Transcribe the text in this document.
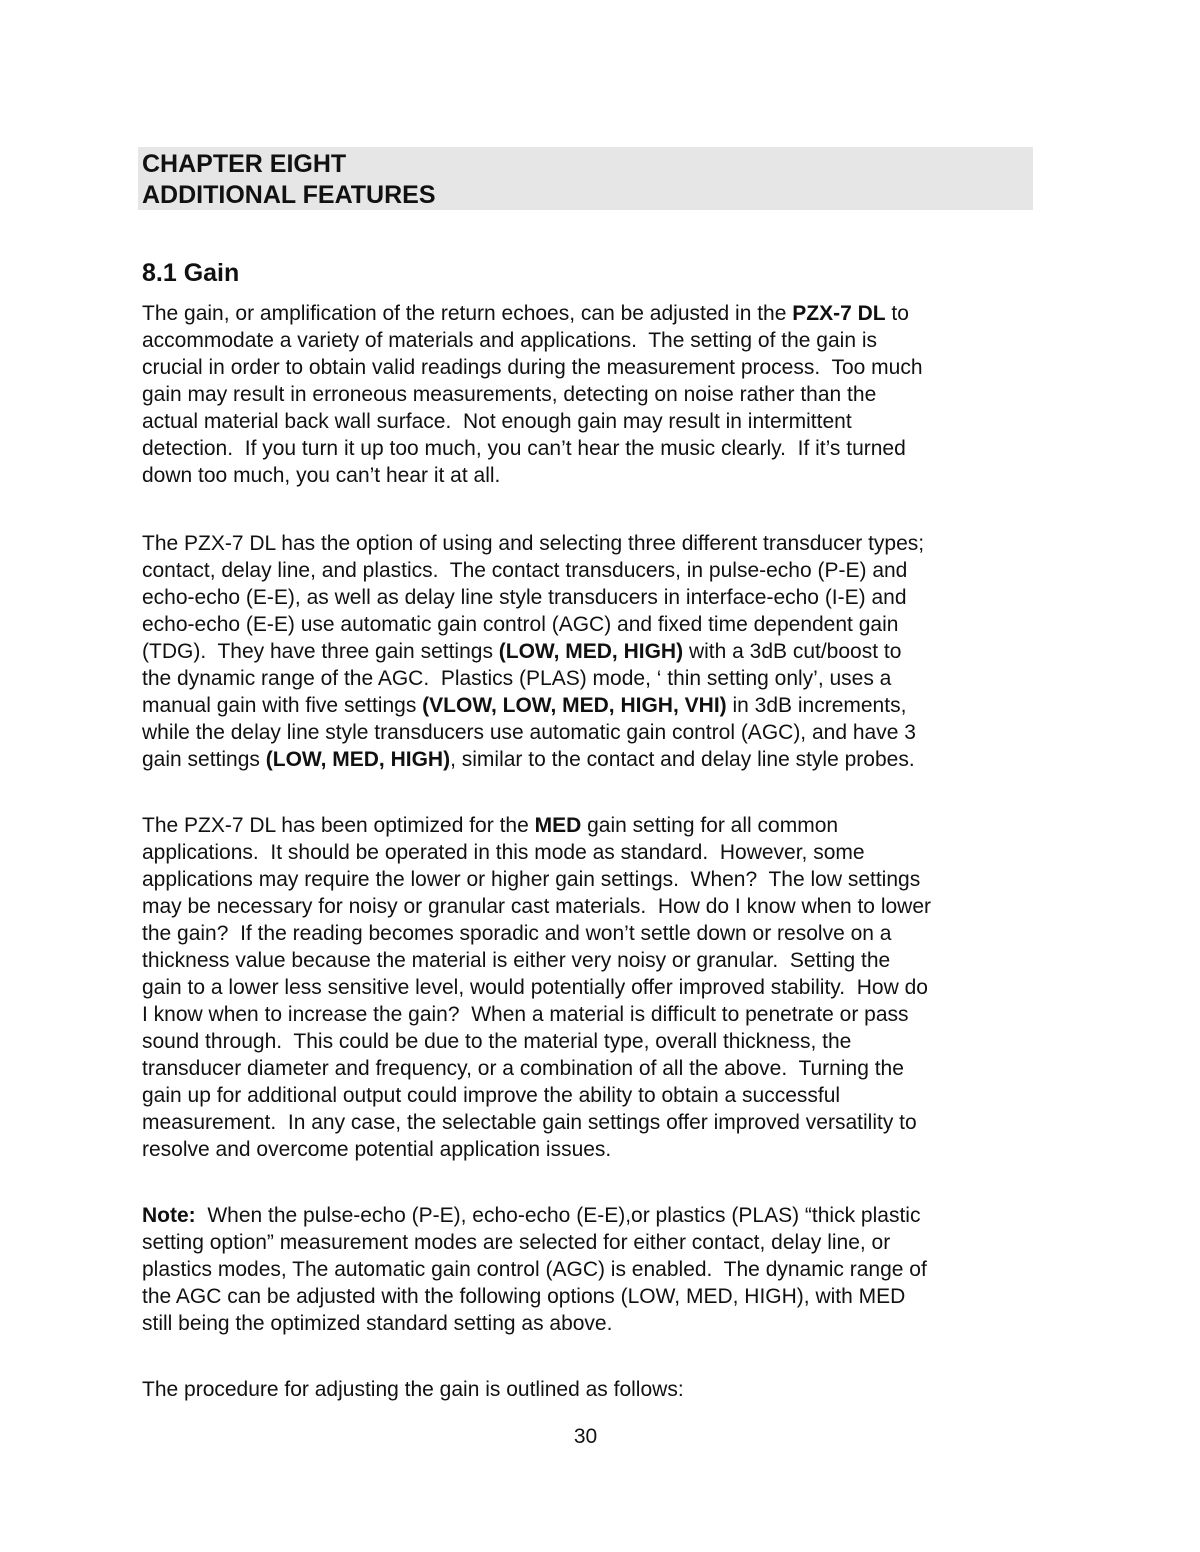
CHAPTER EIGHT
ADDITIONAL FEATURES
8.1 Gain
The gain, or amplification of the return echoes, can be adjusted in the PZX-7 DL to
accommodate a variety of materials and applications.  The setting of the gain is
crucial in order to obtain valid readings during the measurement process.  Too much
gain may result in erroneous measurements, detecting on noise rather than the
actual material back wall surface.  Not enough gain may result in intermittent
detection.  If you turn it up too much, you can’t hear the music clearly.  If it’s turned
down too much, you can’t hear it at all.
The PZX-7 DL has the option of using and selecting three different transducer types;
contact, delay line, and plastics.  The contact transducers, in pulse-echo (P-E) and
echo-echo (E-E), as well as delay line style transducers in interface-echo (I-E) and
echo-echo (E-E) use automatic gain control (AGC) and fixed time dependent gain
(TDG).  They have three gain settings (LOW, MED, HIGH) with a 3dB cut/boost to
the dynamic range of the AGC.  Plastics (PLAS) mode, ‘ thin setting only’, uses a
manual gain with five settings (VLOW, LOW, MED, HIGH, VHI) in 3dB increments,
while the delay line style transducers use automatic gain control (AGC), and have 3
gain settings (LOW, MED, HIGH), similar to the contact and delay line style probes.
The PZX-7 DL has been optimized for the MED gain setting for all common
applications.  It should be operated in this mode as standard.  However, some
applications may require the lower or higher gain settings.  When?  The low settings
may be necessary for noisy or granular cast materials.  How do I know when to lower
the gain?  If the reading becomes sporadic and won’t settle down or resolve on a
thickness value because the material is either very noisy or granular.  Setting the
gain to a lower less sensitive level, would potentially offer improved stability.  How do
I know when to increase the gain?  When a material is difficult to penetrate or pass
sound through.  This could be due to the material type, overall thickness, the
transducer diameter and frequency, or a combination of all the above.  Turning the
gain up for additional output could improve the ability to obtain a successful
measurement.  In any case, the selectable gain settings offer improved versatility to
resolve and overcome potential application issues.
Note:  When the pulse-echo (P-E), echo-echo (E-E),or plastics (PLAS) “thick plastic
setting option” measurement modes are selected for either contact, delay line, or
plastics modes, The automatic gain control (AGC) is enabled.  The dynamic range of
the AGC can be adjusted with the following options (LOW, MED, HIGH), with MED
still being the optimized standard setting as above.
The procedure for adjusting the gain is outlined as follows:
30
